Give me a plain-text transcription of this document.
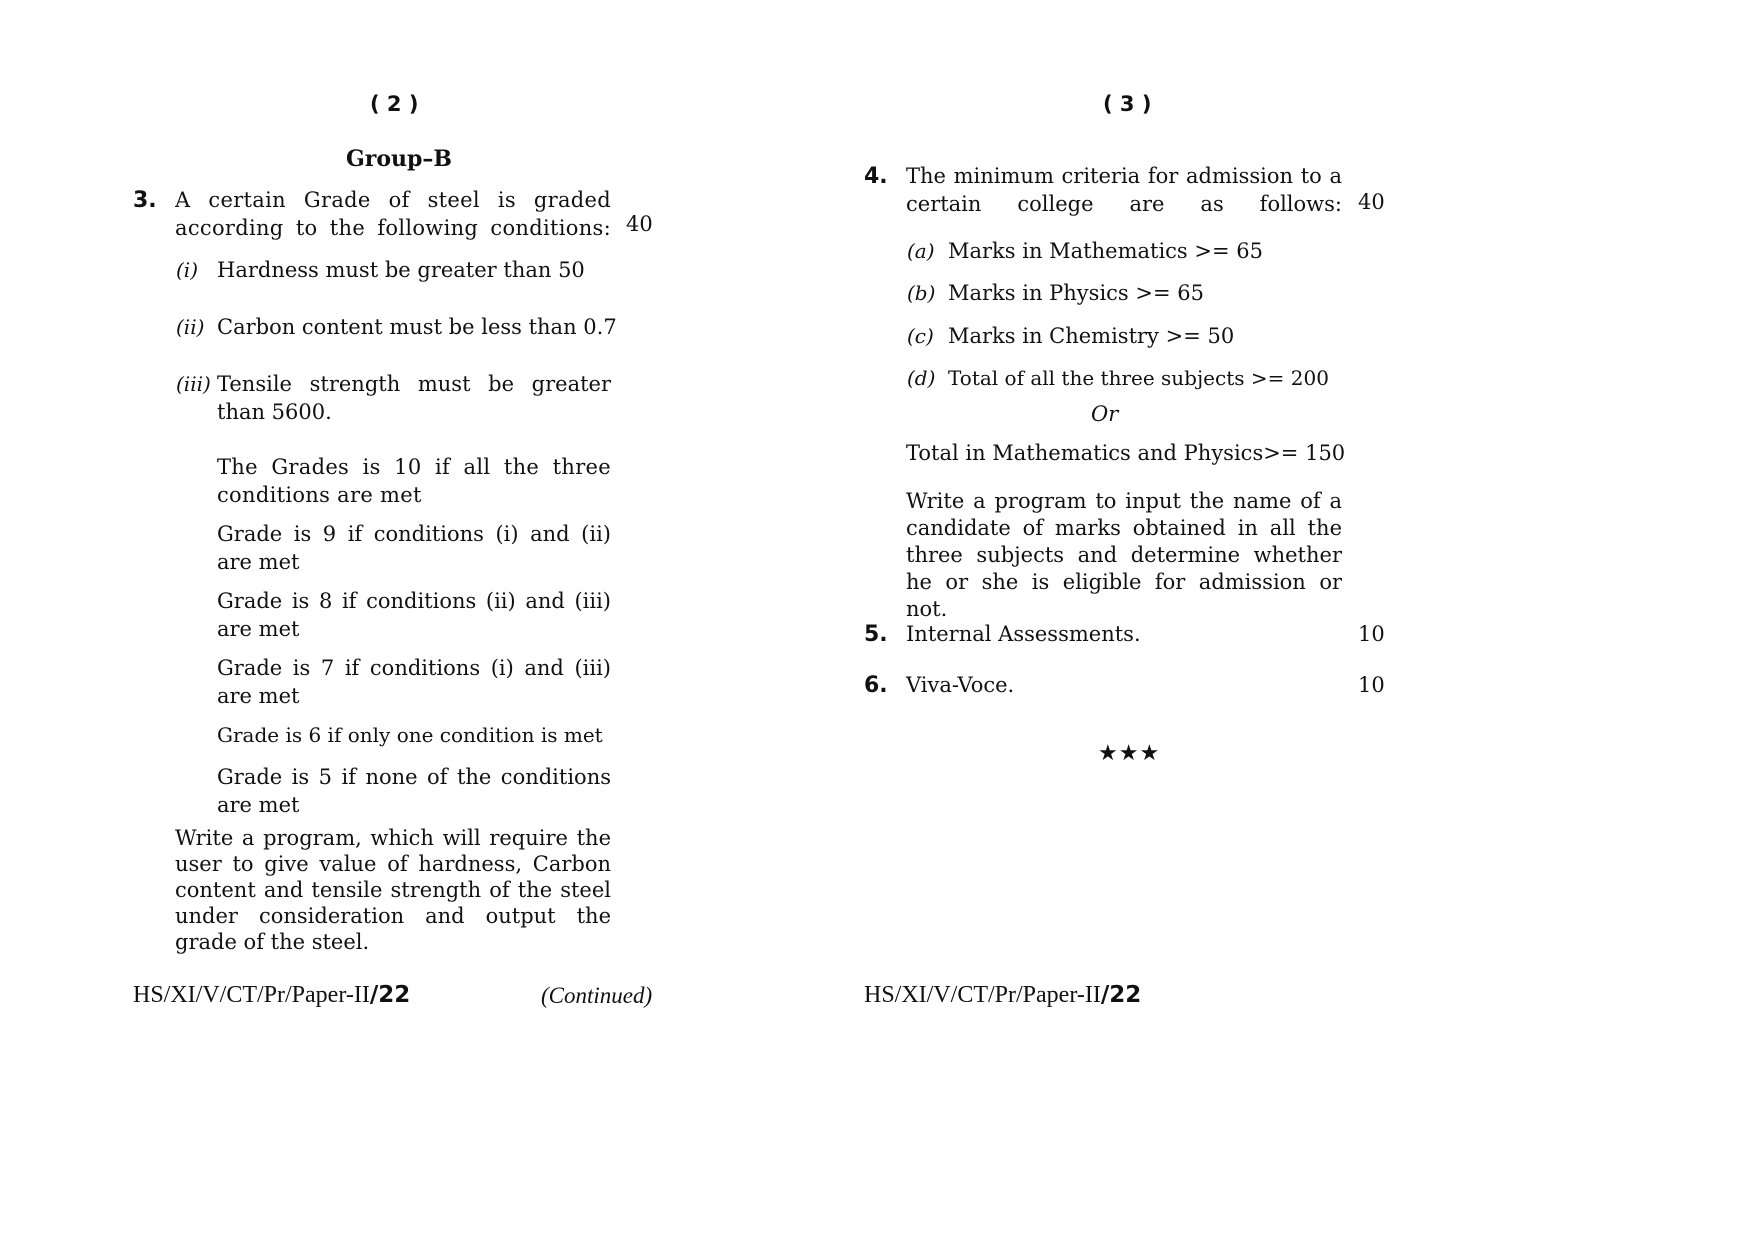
( 2 )
Group–B
3. A certain Grade of steel is graded according to the following conditions: 40
(i) Hardness must be greater than 50
(ii) Carbon content must be less than 0.7
(iii) Tensile strength must be greater than 5600.
The Grades is 10 if all the three conditions are met
Grade is 9 if conditions (i) and (ii) are met
Grade is 8 if conditions (ii) and (iii) are met
Grade is 7 if conditions (i) and (iii) are met
Grade is 6 if only one condition is met
Grade is 5 if none of the conditions are met
Write a program, which will require the user to give value of hardness, Carbon content and tensile strength of the steel under consideration and output the grade of the steel.
HS/XI/V/CT/Pr/Paper-II/22	(Continued)
( 3 )
4. The minimum criteria for admission to a certain college are as follows: 40
(a) Marks in Mathematics >= 65
(b) Marks in Physics >= 65
(c) Marks in Chemistry >= 50
(d) Total of all the three subjects >= 200
Or
Total in Mathematics and Physics>= 150
Write a program to input the name of a candidate of marks obtained in all the three subjects and determine whether he or she is eligible for admission or not.
5. Internal Assessments.	10
6. Viva-Voce.	10
★★★
HS/XI/V/CT/Pr/Paper-II/22
